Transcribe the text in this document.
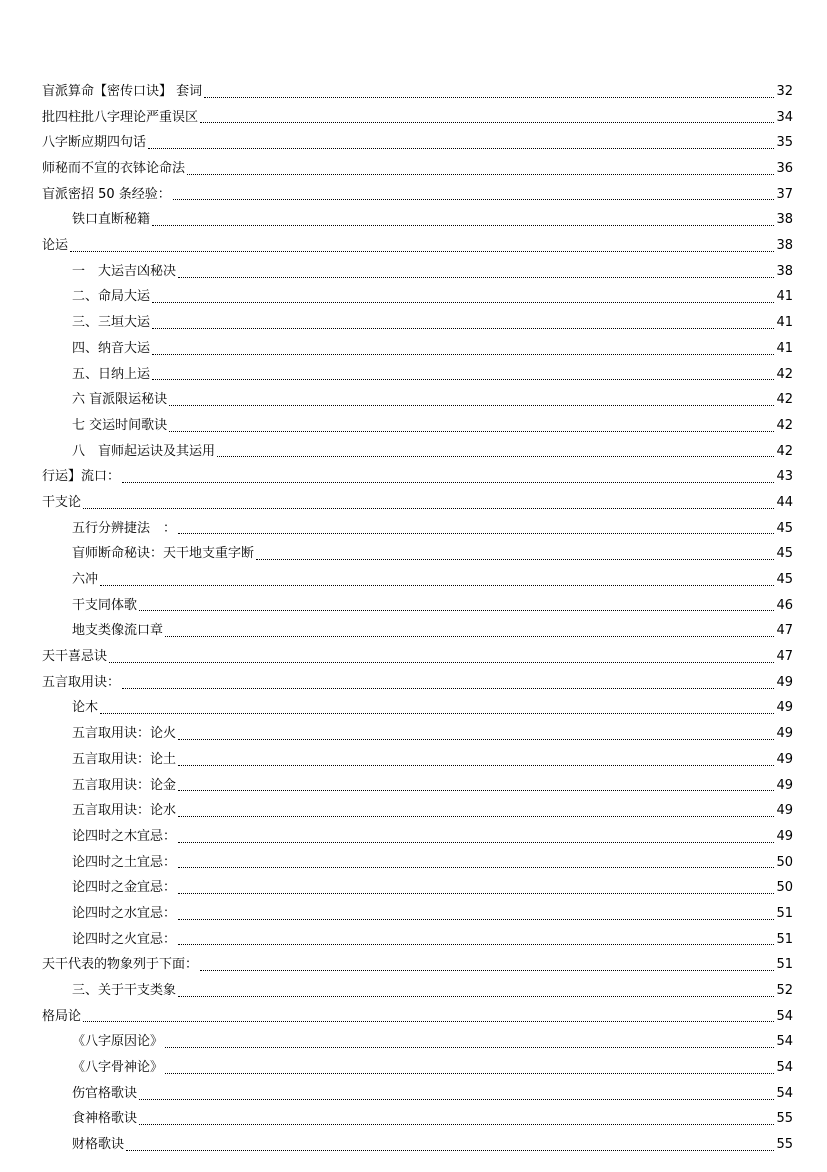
盲派算命【密传口诀】 套词	32
批四柱批八字理论严重误区	34
八字断应期四句话	35
师秘而不宣的衣钵论命法	36
盲派密招 50 条经验：	37
铁口直断秘籍	38
论运	38
一　大运吉凶秘决	38
二、命局大运	41
三、三垣大运	41
四、纳音大运	41
五、日纳上运	42
六 盲派限运秘诀	42
七 交运时间歌诀	42
八　盲师起运诀及其运用	42
行运】流口：	43
干支论	44
五行分辨捷法　：	45
盲师断命秘诀：天干地支重字断	45
六冲	45
干支同体歌	46
地支类像流口章	47
天干喜忌诀	47
五言取用诀：	49
论木	49
五言取用诀：论火	49
五言取用诀：论土	49
五言取用诀：论金	49
五言取用诀：论水	49
论四时之木宜忌：	49
论四时之土宜忌：	50
论四时之金宜忌：	50
论四时之水宜忌：	51
论四时之火宜忌：	51
天干代表的物象列于下面：	51
三、关于干支类象	52
格局论	54
《八字原因论》	54
《八字骨神论》	54
伤官格歌诀	54
食神格歌诀	55
财格歌诀	55
